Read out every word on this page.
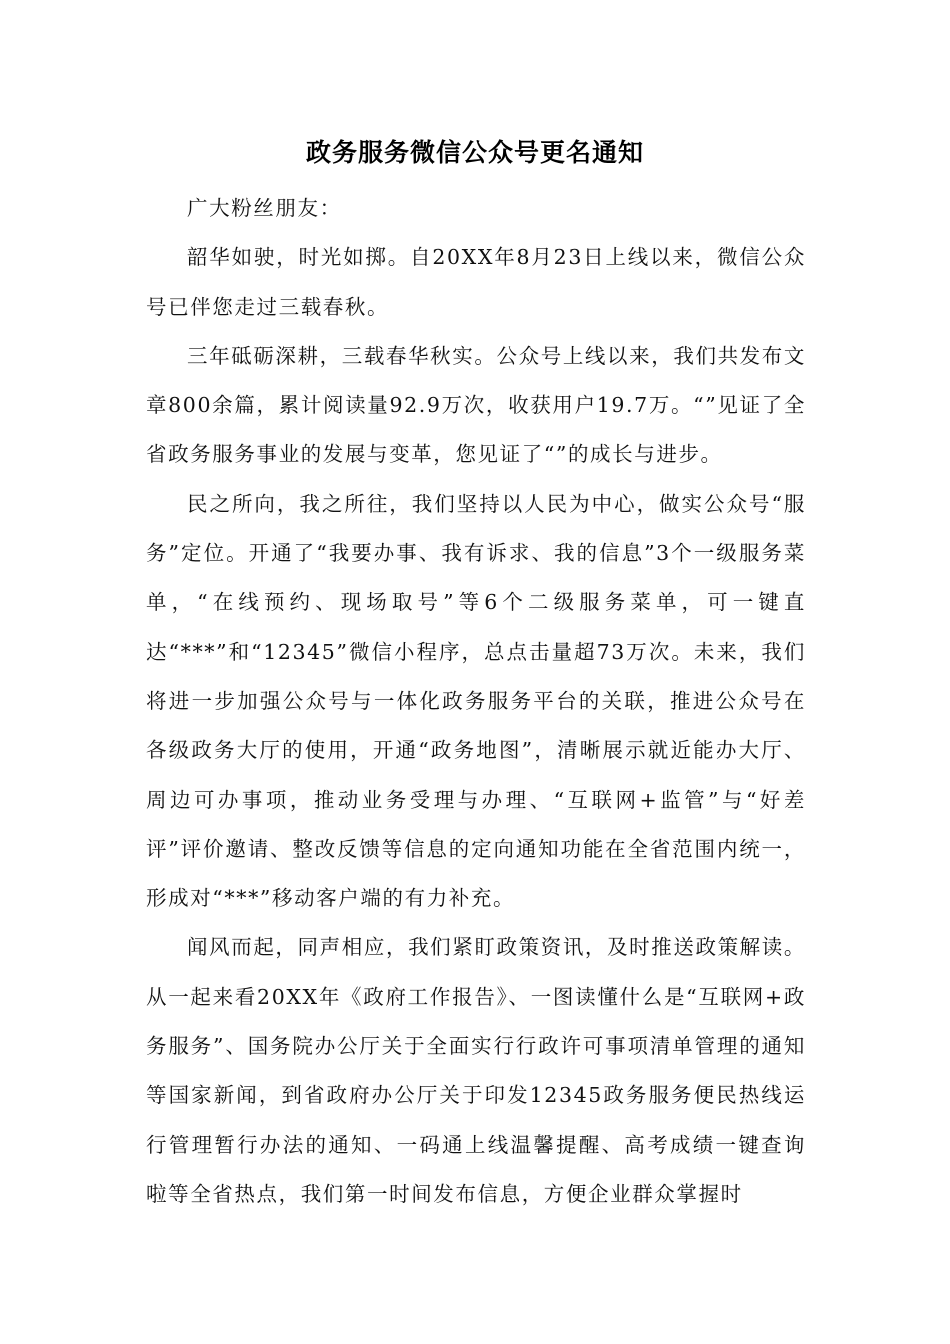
政务服务微信公众号更名通知

广大粉丝朋友：

韶华如驶，时光如掷。自20XX年8月23日上线以来，微信公众号已伴您走过三载春秋。

三年砥砺深耕，三载春华秋实。公众号上线以来，我们共发布文章800余篇，累计阅读量92.9万次，收获用户19.7万。“”见证了全省政务服务事业的发展与变革，您见证了“”的成长与进步。

民之所向，我之所往，我们坚持以人民为中心，做实公众号“服务”定位。开通了“我要办事、我有诉求、我的信息”3个一级服务菜单，“在线预约、现场取号”等6个二级服务菜单，可一键直达“***”和“12345”微信小程序，总点击量超73万次。未来，我们将进一步加强公众号与一体化政务服务平台的关联，推进公众号在各级政务大厅的使用，开通“政务地图”，清晰展示就近能办大厅、周边可办事项，推动业务受理与办理、“互联网+监管”与“好差评”评价邀请、整改反馈等信息的定向通知功能在全省范围内统一，形成对“***”移动客户端的有力补充。

闻风而起，同声相应，我们紧盯政策资讯，及时推送政策解读。从一起来看20XX年《政府工作报告》、一图读懂什么是“互联网+政务服务”、国务院办公厅关于全面实行行政许可事项清单管理的通知等国家新闻，到省政府办公厅关于印发12345政务服务便民热线运行管理暂行办法的通知、一码通上线温馨提醒、高考成绩一键查询啦等全省热点，我们第一时间发布信息，方便企业群众掌握时
